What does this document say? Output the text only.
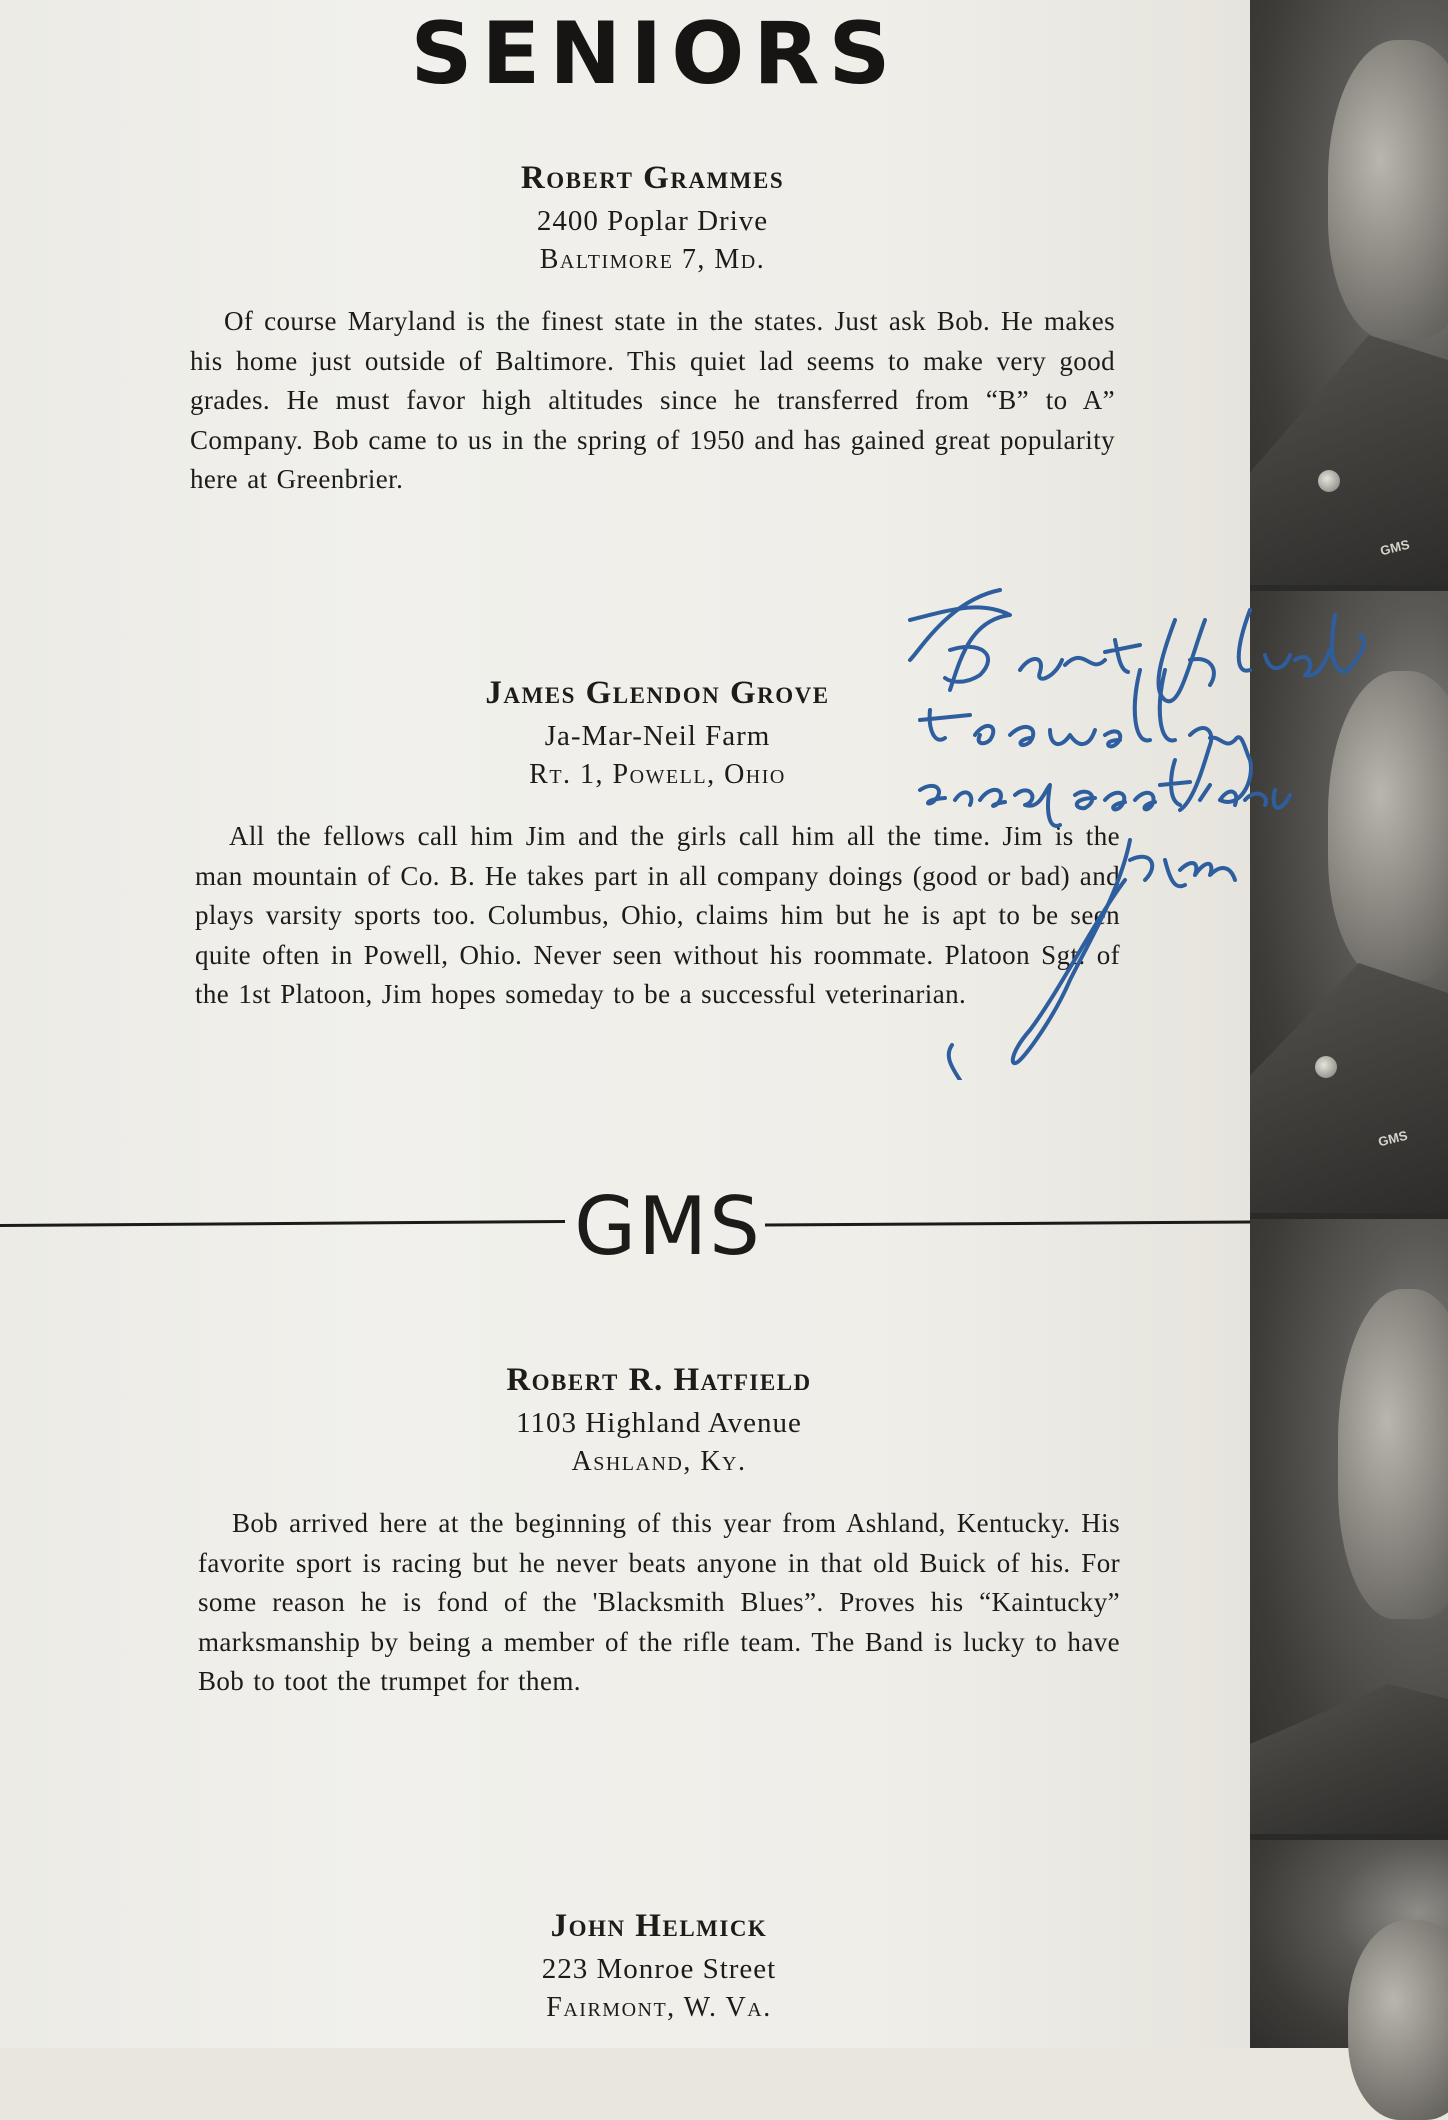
SENIORS
Robert Grammes
2400 Poplar Drive
Baltimore 7, Md.

Of course Maryland is the finest state in the states. Just ask Bob. He makes his home just outside of Baltimore. This quiet lad seems to make very good grades. He must favor high altitudes since he transferred from “B” to A” Company. Bob came to us in the spring of 1950 and has gained great popularity here at Greenbrier.

James Glendon Grove
Ja-Mar-Neil Farm
Rt. 1, Powell, Ohio

All the fellows call him Jim and the girls call him all the time. Jim is the man mountain of Co. B. He takes part in all company doings (good or bad) and plays varsity sports too. Columbus, Ohio, claims him but he is apt to be seen quite often in Powell, Ohio. Never seen without his roommate. Platoon Sgt. of the 1st Platoon, Jim hopes someday to be a successful veterinarian.

GMS
Robert R. Hatfield
1103 Highland Avenue
Ashland, Ky.

Bob arrived here at the beginning of this year from Ashland, Kentucky. His favorite sport is racing but he never beats anyone in that old Buick of his. For some reason he is fond of the 'Blacksmith Blues”. Proves his “Kaintucky” marksmanship by being a member of the rifle team. The Band is lucky to have Bob to toot the trumpet for them.

John Helmick
223 Monroe Street
Fairmont, W. Va.
GMS
GMS
